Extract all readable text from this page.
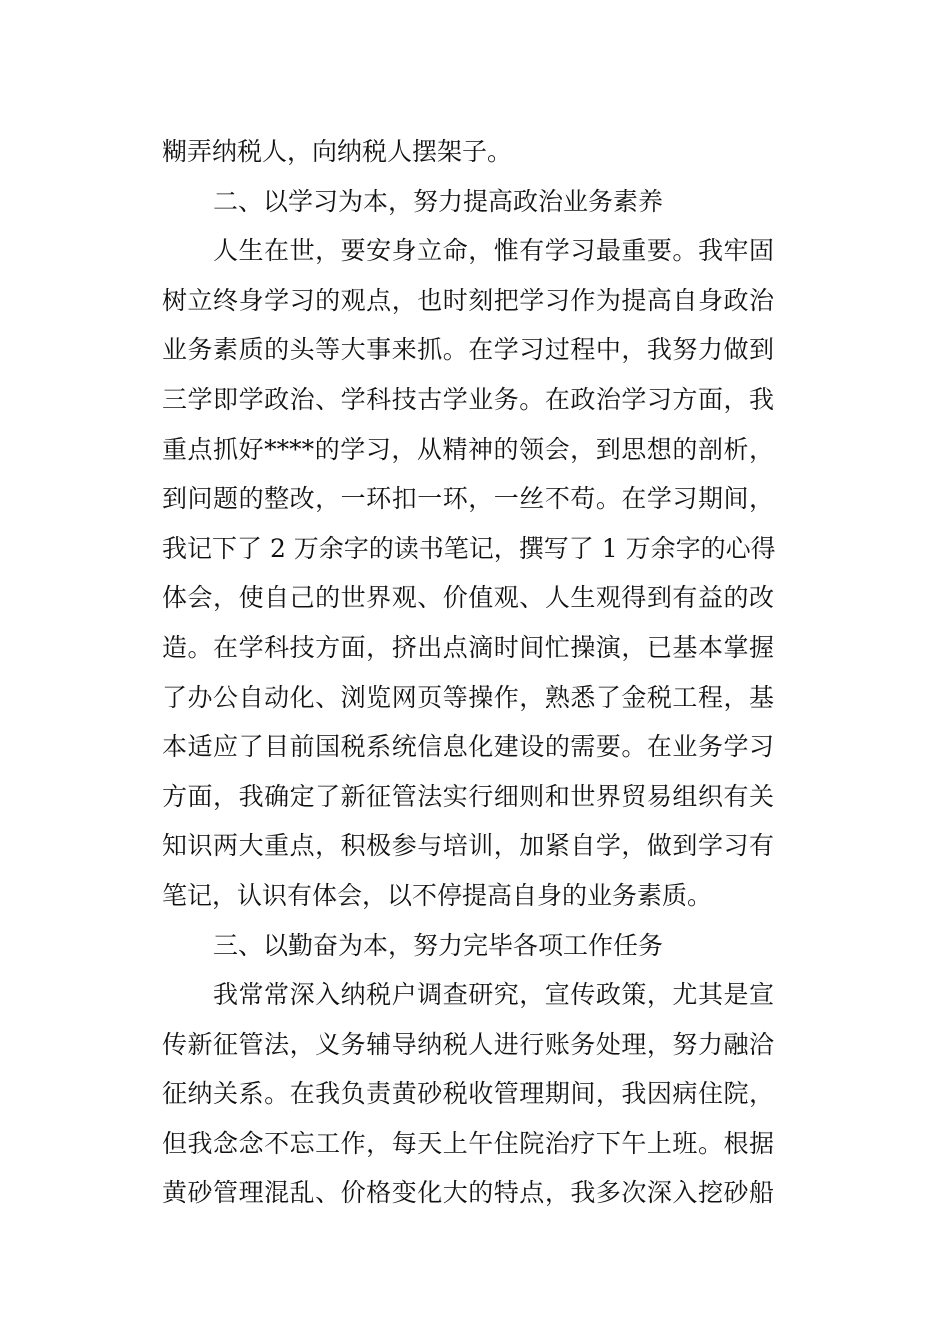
糊弄纳税人，向纳税人摆架子。
二、以学习为本，努力提高政治业务素养
人生在世，要安身立命，惟有学习最重要。我牢固
树立终身学习的观点，也时刻把学习作为提高自身政治
业务素质的头等大事来抓。在学习过程中，我努力做到
三学即学政治、学科技古学业务。在政治学习方面，我
重点抓好****的学习，从精神的领会，到思想的剖析，
到问题的整改，一环扣一环，一丝不苟。在学习期间，
我记下了 2 万余字的读书笔记，撰写了 1 万余字的心得
体会，使自己的世界观、价值观、人生观得到有益的改
造。在学科技方面，挤出点滴时间忙操演，已基本掌握
了办公自动化、浏览网页等操作，熟悉了金税工程，基
本适应了目前国税系统信息化建设的需要。在业务学习
方面，我确定了新征管法实行细则和世界贸易组织有关
知识两大重点，积极参与培训，加紧自学，做到学习有
笔记，认识有体会，以不停提高自身的业务素质。
三、以勤奋为本，努力完毕各项工作任务
我常常深入纳税户调查研究，宣传政策，尤其是宣
传新征管法，义务辅导纳税人进行账务处理，努力融洽
征纳关系。在我负责黄砂税收管理期间，我因病住院，
但我念念不忘工作，每天上午住院治疗下午上班。根据
黄砂管理混乱、价格变化大的特点，我多次深入挖砂船
